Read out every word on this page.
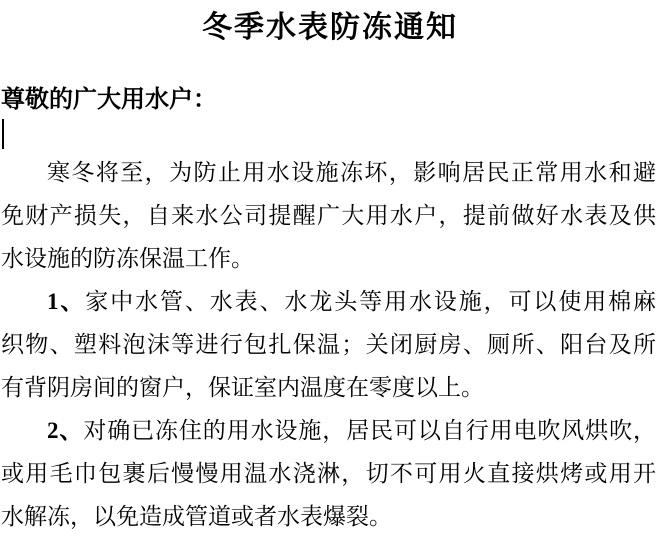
冬季水表防冻通知
尊敬的广大用水户：
寒冬将至，为防止用水设施冻坏，影响居民正常用水和避
免财产损失，自来水公司提醒广大用水户，提前做好水表及供
水设施的防冻保温工作。
1、家中水管、水表、水龙头等用水设施，可以使用棉麻
织物、塑料泡沫等进行包扎保温；关闭厨房、厕所、阳台及所
有背阴房间的窗户，保证室内温度在零度以上。
2、对确已冻住的用水设施，居民可以自行用电吹风烘吹，
或用毛巾包裹后慢慢用温水浇淋，切不可用火直接烘烤或用开
水解冻，以免造成管道或者水表爆裂。
